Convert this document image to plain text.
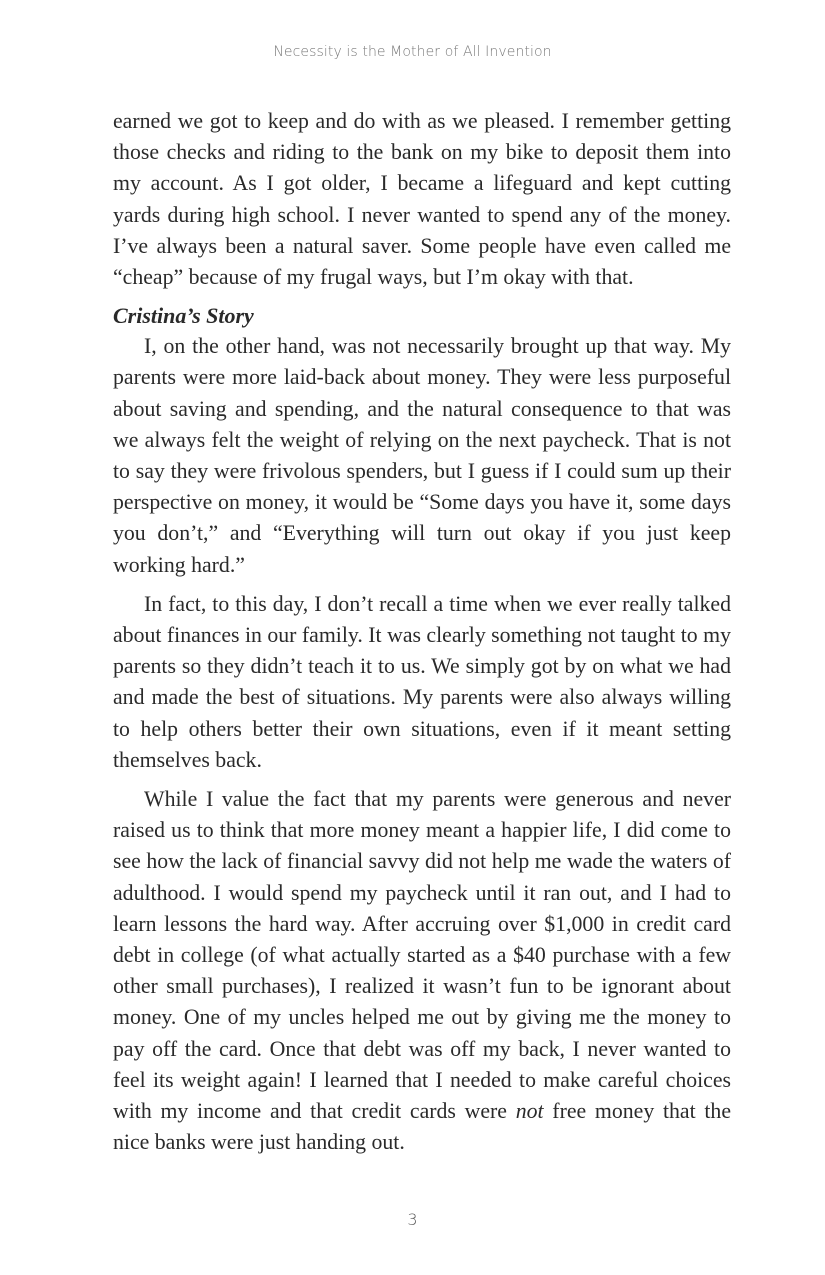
Necessity is the Mother of All Invention

earned we got to keep and do with as we pleased. I remember getting those checks and riding to the bank on my bike to deposit them into my account. As I got older, I became a lifeguard and kept cutting yards during high school. I never wanted to spend any of the money. I’ve always been a natural saver. Some people have even called me “cheap” because of my frugal ways, but I’m okay with that.

Cristina’s Story

I, on the other hand, was not necessarily brought up that way. My parents were more laid-back about money. They were less purposeful about saving and spending, and the natural consequence to that was we always felt the weight of relying on the next paycheck. That is not to say they were frivolous spenders, but I guess if I could sum up their perspective on money, it would be “Some days you have it, some days you don’t,” and “Everything will turn out okay if you just keep working hard.”

In fact, to this day, I don’t recall a time when we ever really talked about finances in our family. It was clearly something not taught to my parents so they didn’t teach it to us. We simply got by on what we had and made the best of situations. My parents were also always willing to help others better their own situations, even if it meant setting themselves back.

While I value the fact that my parents were generous and never raised us to think that more money meant a happier life, I did come to see how the lack of financial savvy did not help me wade the waters of adulthood. I would spend my paycheck until it ran out, and I had to learn lessons the hard way. After accruing over $1,000 in credit card debt in college (of what actually started as a $40 purchase with a few other small purchases), I realized it wasn’t fun to be ignorant about money. One of my uncles helped me out by giving me the money to pay off the card. Once that debt was off my back, I never wanted to feel its weight again! I learned that I needed to make careful choices with my income and that credit cards were not free money that the nice banks were just handing out.

3
